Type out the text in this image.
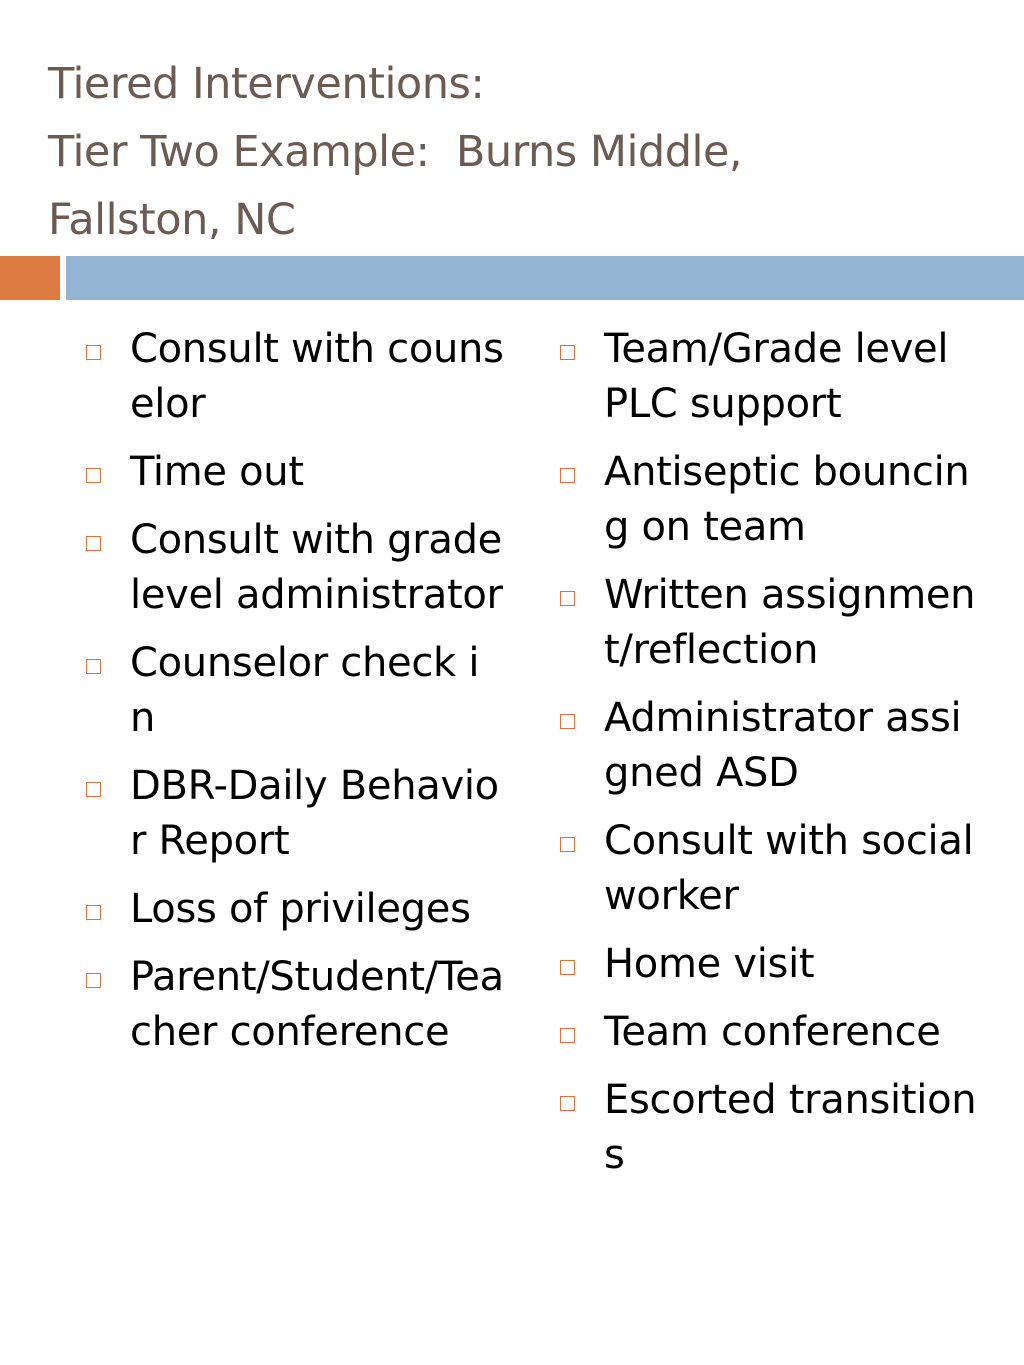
Tiered Interventions:
Tier Two Example:  Burns Middle,
Fallston, NC
Consult with counselor
Time out
Consult with grade level administrator
Counselor check in
DBR-Daily Behavior Report
Loss of privileges
Parent/Student/Teacher conference
Team/Grade level PLC support
Antiseptic bouncing on team
Written assignment/reflection
Administrator assigned ASD
Consult with social worker
Home visit
Team conference
Escorted transitions
